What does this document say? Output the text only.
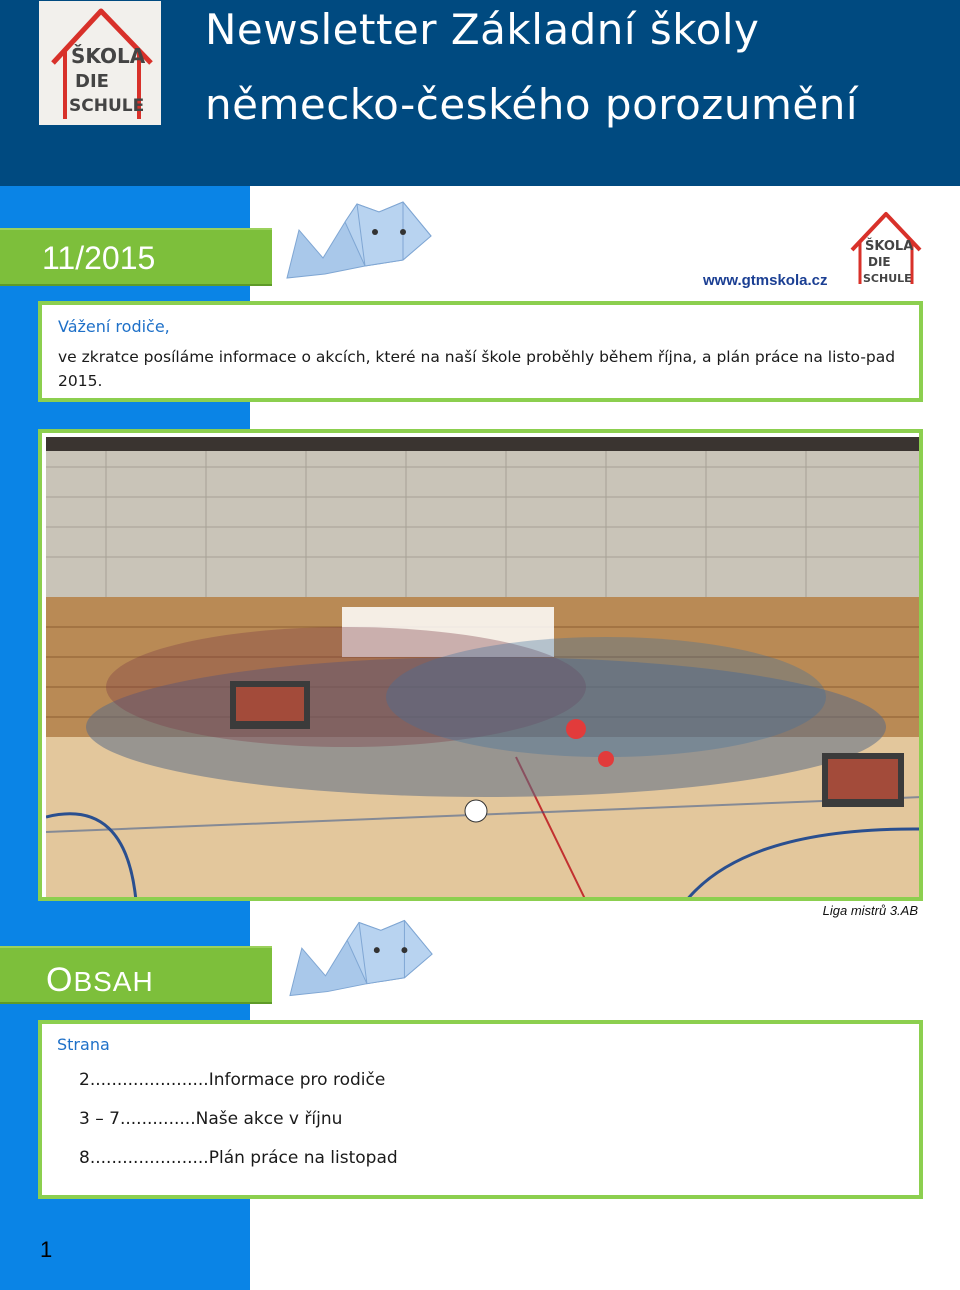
ŠKOLA
DIE
SCHULE
Newsletter Základní školy
německo-českého porozumění
11/2015	ŠKOLA
DIE
SCHULE
www.gtmskola.cz
Vážení rodiče,
ve zkratce posíláme informace o akcích, které na naší škole proběhly během října, a plán práce na listo-pad 2015.
Liga mistrů 3.AB
OBSAH
Strana
2......................Informace pro rodiče
3 – 7..............Naše akce v říjnu
8......................Plán práce na listopad
1
